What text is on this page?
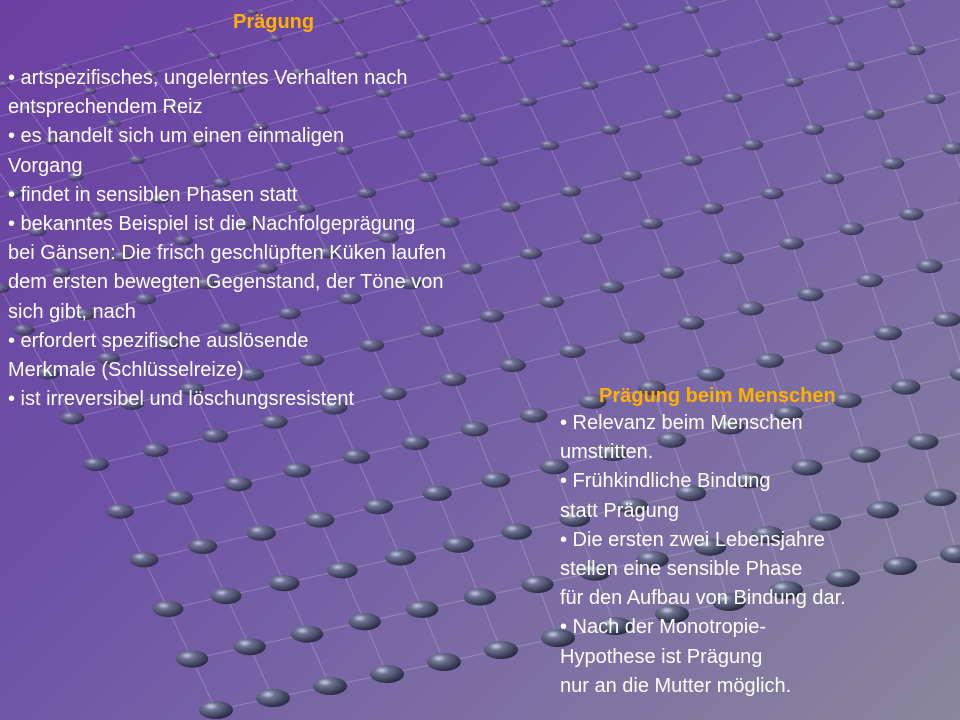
Prägung
• artspezifisches, ungelerntes Verhalten nach
entsprechendem Reiz
• es handelt sich um einen einmaligen
Vorgang
• findet in sensiblen Phasen statt
• bekanntes Beispiel ist die Nachfolgeprägung
bei Gänsen: Die frisch geschlüpften Küken laufen
dem ersten bewegten Gegenstand, der Töne von
sich gibt, nach
• erfordert spezifische auslösende
Merkmale (Schlüsselreize)
• ist irreversibel und löschungsresistent	Prägung beim Menschen
• Relevanz beim Menschen
umstritten.
• Frühkindliche Bindung
statt Prägung
• Die ersten zwei Lebensjahre
stellen eine sensible Phase
für den Aufbau von Bindung dar.
• Nach der Monotropie-
Hypothese ist Prägung
nur an die Mutter möglich.
